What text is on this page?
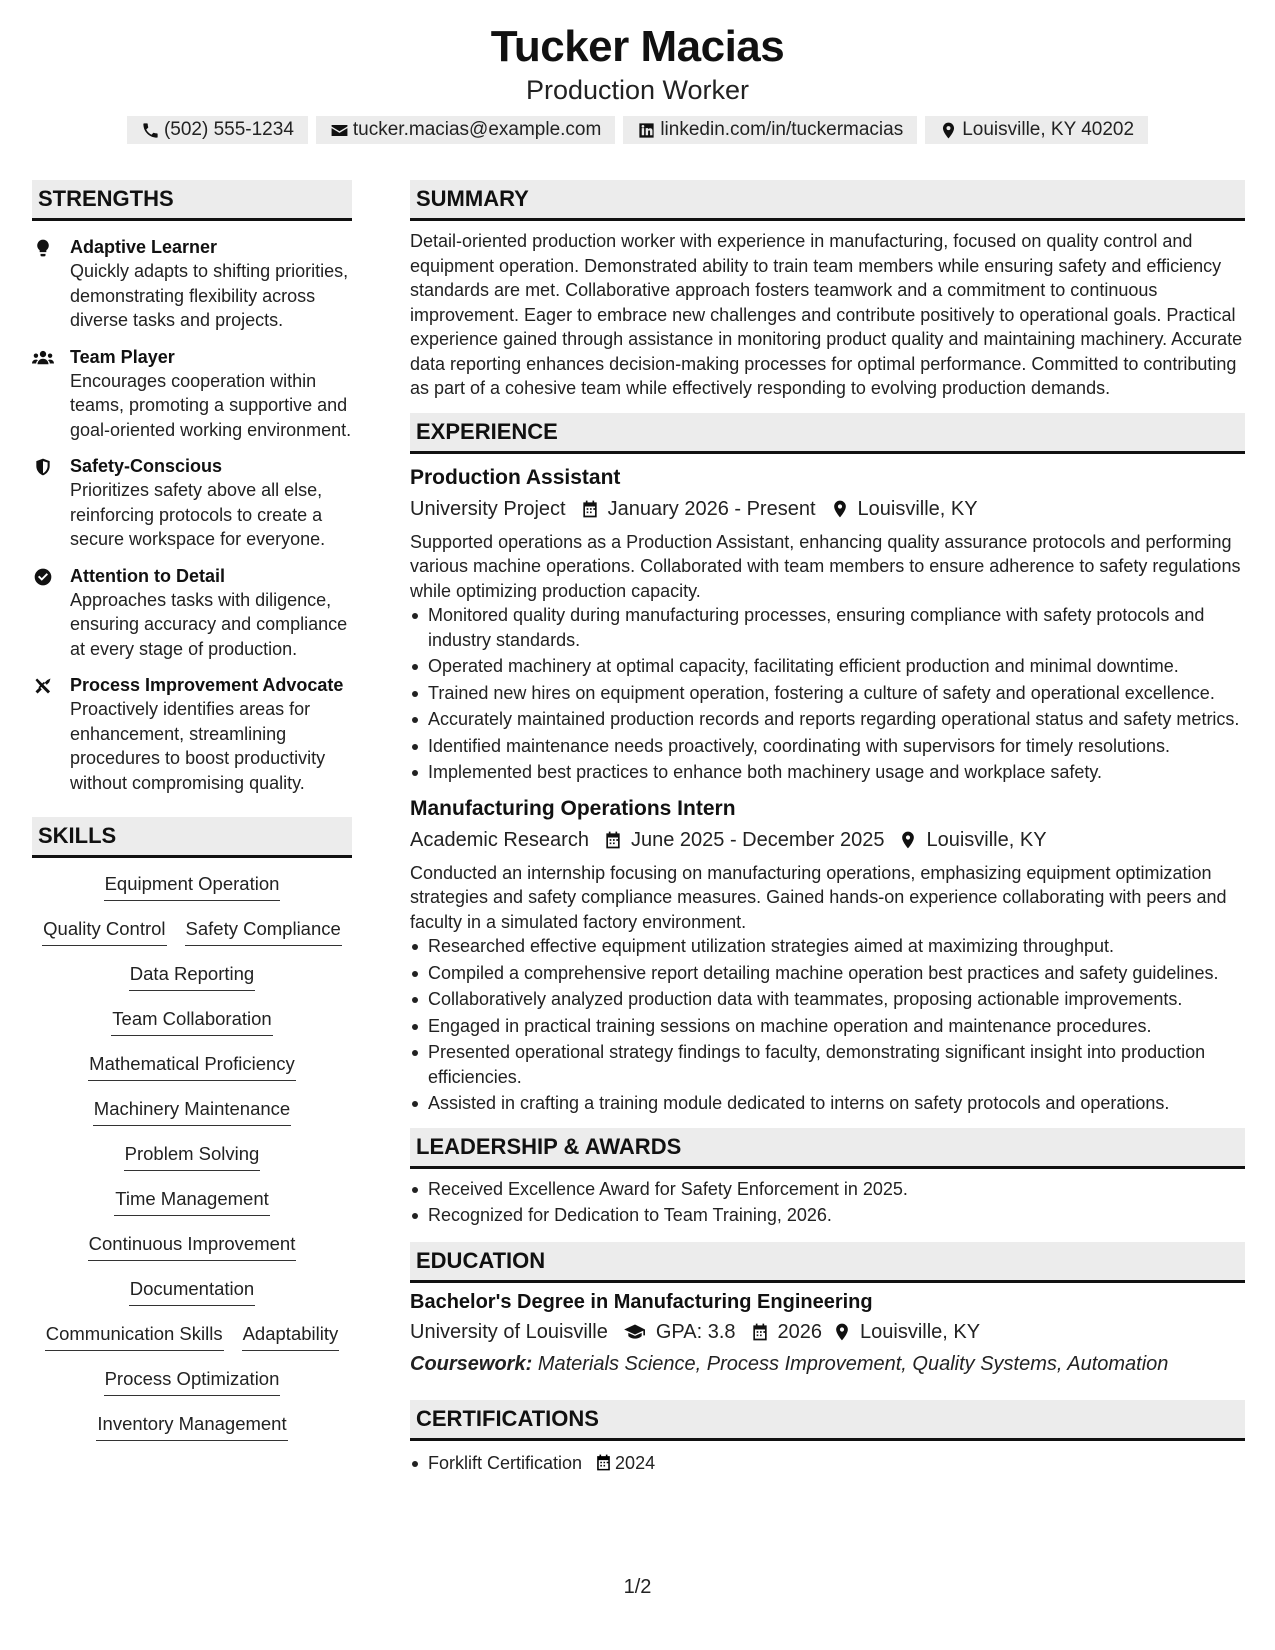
Tucker Macias
Production Worker
(502) 555-1234	tucker.macias@example.com	linkedin.com/in/tuckermacias	Louisville, KY 40202
STRENGTHS
Adaptive Learner
Quickly adapts to shifting priorities, demonstrating flexibility across diverse tasks and projects.
Team Player
Encourages cooperation within teams, promoting a supportive and goal-oriented working environment.
Safety-Conscious
Prioritizes safety above all else, reinforcing protocols to create a secure workspace for everyone.
Attention to Detail
Approaches tasks with diligence, ensuring accuracy and compliance at every stage of production.
Process Improvement Advocate
Proactively identifies areas for enhancement, streamlining procedures to boost productivity without compromising quality.
SKILLS
Equipment Operation
Quality Control Safety Compliance
Data Reporting
Team Collaboration
Mathematical Proficiency
Machinery Maintenance
Problem Solving
Time Management
Continuous Improvement
Documentation
Communication Skills Adaptability
Process Optimization
Inventory Management
SUMMARY
Detail-oriented production worker with experience in manufacturing, focused on quality control and equipment operation. Demonstrated ability to train team members while ensuring safety and efficiency standards are met. Collaborative approach fosters teamwork and a commitment to continuous improvement. Eager to embrace new challenges and contribute positively to operational goals. Practical experience gained through assistance in monitoring product quality and maintaining machinery. Accurate data reporting enhances decision-making processes for optimal performance. Committed to contributing as part of a cohesive team while effectively responding to evolving production demands.
EXPERIENCE
Production Assistant
University Project January 2026 - Present Louisville, KY
Supported operations as a Production Assistant, enhancing quality assurance protocols and performing various machine operations. Collaborated with team members to ensure adherence to safety regulations while optimizing production capacity.
Monitored quality during manufacturing processes, ensuring compliance with safety protocols and industry standards.
Operated machinery at optimal capacity, facilitating efficient production and minimal downtime.
Trained new hires on equipment operation, fostering a culture of safety and operational excellence.
Accurately maintained production records and reports regarding operational status and safety metrics.
Identified maintenance needs proactively, coordinating with supervisors for timely resolutions.
Implemented best practices to enhance both machinery usage and workplace safety.
Manufacturing Operations Intern
Academic Research June 2025 - December 2025 Louisville, KY
Conducted an internship focusing on manufacturing operations, emphasizing equipment optimization strategies and safety compliance measures. Gained hands-on experience collaborating with peers and faculty in a simulated factory environment.
Researched effective equipment utilization strategies aimed at maximizing throughput.
Compiled a comprehensive report detailing machine operation best practices and safety guidelines.
Collaboratively analyzed production data with teammates, proposing actionable improvements.
Engaged in practical training sessions on machine operation and maintenance procedures.
Presented operational strategy findings to faculty, demonstrating significant insight into production efficiencies.
Assisted in crafting a training module dedicated to interns on safety protocols and operations.
LEADERSHIP & AWARDS
Received Excellence Award for Safety Enforcement in 2025.
Recognized for Dedication to Team Training, 2026.
EDUCATION
Bachelor's Degree in Manufacturing Engineering
University of Louisville GPA: 3.8 2026 Louisville, KY
Coursework: Materials Science, Process Improvement, Quality Systems, Automation
CERTIFICATIONS
Forklift Certification 2024
1/2
